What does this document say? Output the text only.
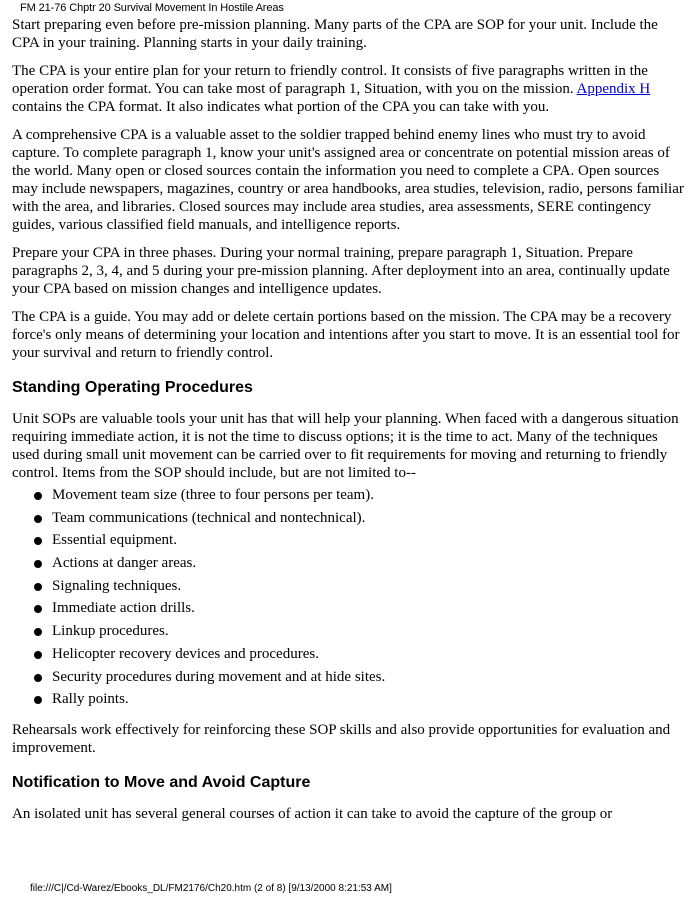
FM 21-76 Chptr 20 Survival Movement In Hostile Areas

Start preparing even before pre-mission planning. Many parts of the CPA are SOP for your unit. Include the CPA in your training. Planning starts in your daily training.

The CPA is your entire plan for your return to friendly control. It consists of five paragraphs written in the operation order format. You can take most of paragraph 1, Situation, with you on the mission. Appendix H contains the CPA format. It also indicates what portion of the CPA you can take with you.

A comprehensive CPA is a valuable asset to the soldier trapped behind enemy lines who must try to avoid capture. To complete paragraph 1, know your unit's assigned area or concentrate on potential mission areas of the world. Many open or closed sources contain the information you need to complete a CPA. Open sources may include newspapers, magazines, country or area handbooks, area studies, television, radio, persons familiar with the area, and libraries. Closed sources may include area studies, area assessments, SERE contingency guides, various classified field manuals, and intelligence reports.

Prepare your CPA in three phases. During your normal training, prepare paragraph 1, Situation. Prepare paragraphs 2, 3, 4, and 5 during your pre-mission planning. After deployment into an area, continually update your CPA based on mission changes and intelligence updates.

The CPA is a guide. You may add or delete certain portions based on the mission. The CPA may be a recovery force's only means of determining your location and intentions after you start to move. It is an essential tool for your survival and return to friendly control.

Standing Operating Procedures

Unit SOPs are valuable tools your unit has that will help your planning. When faced with a dangerous situation requiring immediate action, it is not the time to discuss options; it is the time to act. Many of the techniques used during small unit movement can be carried over to fit requirements for moving and returning to friendly control. Items from the SOP should include, but are not limited to--

Movement team size (three to four persons per team).
Team communications (technical and nontechnical).
Essential equipment.
Actions at danger areas.
Signaling techniques.
Immediate action drills.
Linkup procedures.
Helicopter recovery devices and procedures.
Security procedures during movement and at hide sites.
Rally points.

Rehearsals work effectively for reinforcing these SOP skills and also provide opportunities for evaluation and improvement.

Notification to Move and Avoid Capture

An isolated unit has several general courses of action it can take to avoid the capture of the group or

file:///C|/Cd-Warez/Ebooks_DL/FM2176/Ch20.htm (2 of 8) [9/13/2000 8:21:53 AM]
